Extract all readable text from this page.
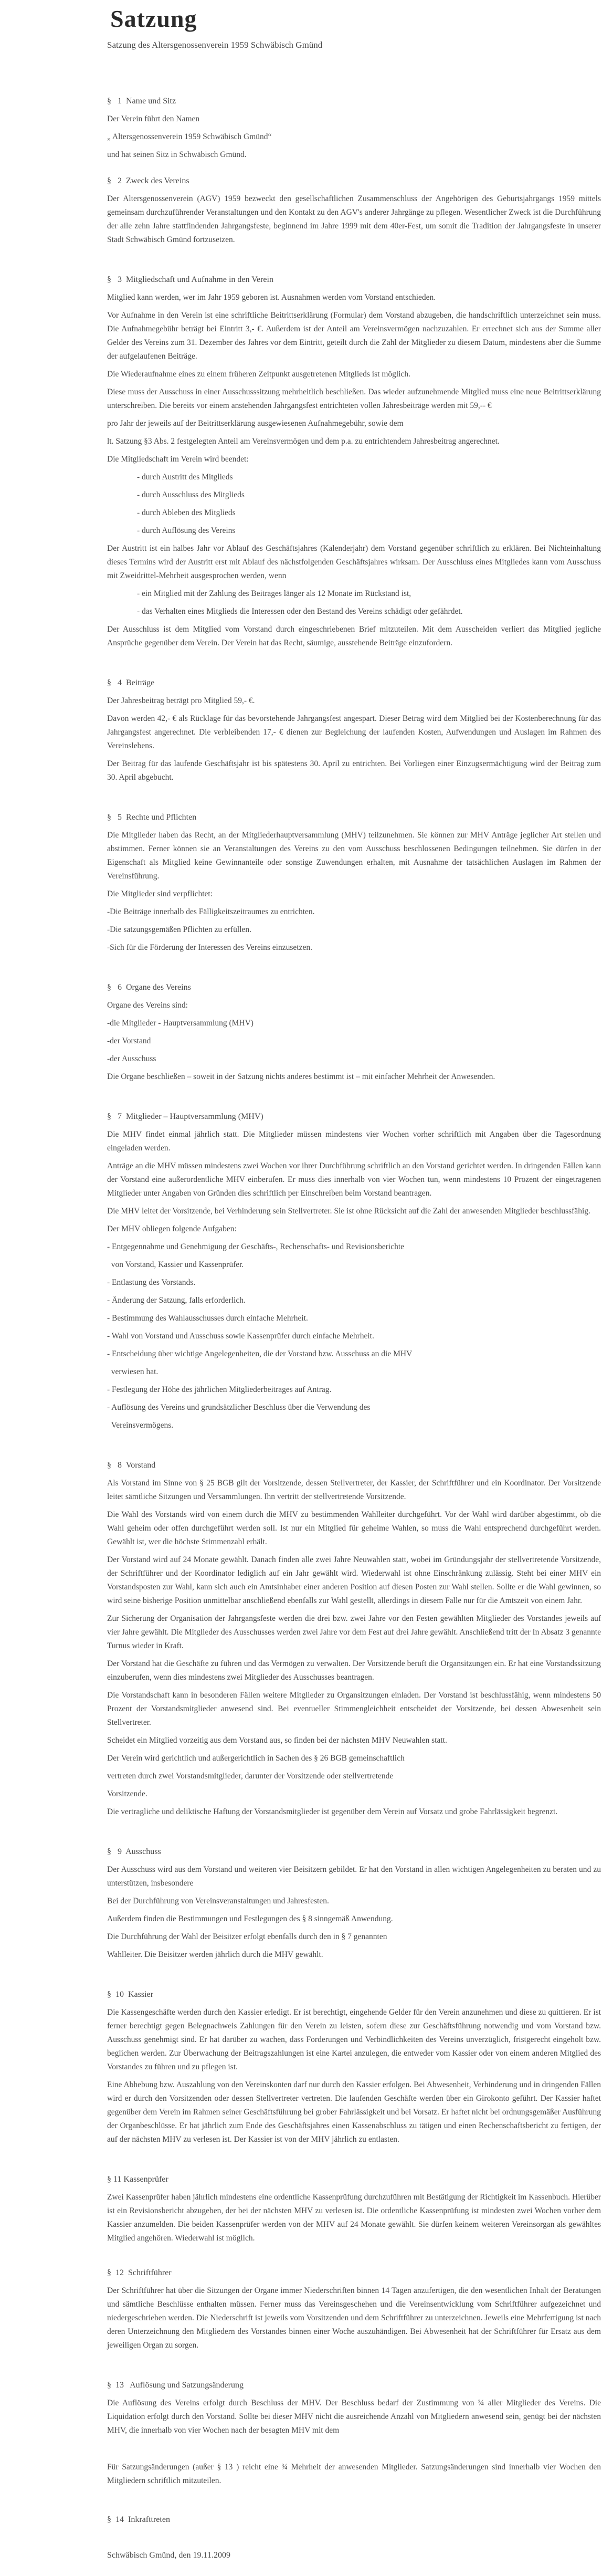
Satzung
Satzung des Altersgenossenverein 1959 Schwäbisch Gmünd
§   1  Name und Sitz

Der Verein führt den Namen

„ Altersgenossenverein 1959 Schwäbisch Gmünd“

und hat seinen Sitz in Schwäbisch Gmünd.

§   2  Zweck des Vereins

Der Altersgenossenverein (AGV) 1959 bezweckt den gesellschaftlichen Zusammenschluss der Angehörigen des Geburtsjahrgangs 1959 mittels gemeinsam durchzuführender Veranstaltungen und den Kontakt zu den AGV's anderer Jahrgänge zu pflegen. Wesentlicher Zweck ist die Durchführung der alle zehn Jahre stattfindenden Jahrgangsfeste, beginnend im Jahre 1999 mit dem 40er-Fest, um somit die Tradition der Jahrgangsfeste in unserer Stadt Schwäbisch Gmünd fortzusetzen.

§   3  Mitgliedschaft und Aufnahme in den Verein

Mitglied kann werden, wer im Jahr 1959 geboren ist. Ausnahmen werden vom Vorstand entschieden.

Vor Aufnahme in den Verein ist eine schriftliche Beitrittserklärung (Formular) dem Vorstand abzugeben, die handschriftlich unterzeichnet sein muss. Die Aufnahmegebühr beträgt bei Eintritt 3,- €. Außerdem ist der Anteil am Vereinsvermögen nachzuzahlen. Er errechnet sich aus der Summe aller Gelder des Vereins zum 31. Dezember des Jahres vor dem Eintritt, geteilt durch die Zahl der Mitglieder zu diesem Datum, mindestens aber die Summe der aufgelaufenen Beiträge.

Die Wiederaufnahme eines zu einem früheren Zeitpunkt ausgetretenen Mitglieds ist möglich.

Diese muss der Ausschuss in einer Ausschusssitzung mehrheitlich beschließen. Das wieder aufzunehmende Mitglied muss eine neue Beitrittserklärung unterschreiben. Die bereits vor einem anstehenden Jahrgangsfest entrichteten vollen Jahresbeiträge werden mit 59,-- €

pro Jahr der jeweils auf der Beitrittserklärung ausgewiesenen Aufnahmegebühr, sowie dem

lt. Satzung §3 Abs. 2 festgelegten Anteil am Vereinsvermögen und dem p.a. zu entrichtendem Jahresbeitrag angerechnet.

Die Mitgliedschaft im Verein wird beendet:

- durch Austritt des Mitglieds
- durch Ausschluss des Mitglieds
- durch Ableben des Mitglieds
- durch Auflösung des Vereins

Der Austritt ist ein halbes Jahr vor Ablauf des Geschäftsjahres (Kalenderjahr) dem Vorstand gegenüber schriftlich zu erklären. Bei Nichteinhaltung dieses Termins wird der Austritt erst mit Ablauf des nächstfolgenden Geschäftsjahres wirksam. Der Ausschluss eines Mitgliedes kann vom Ausschuss mit Zweidrittel-Mehrheit ausgesprochen werden, wenn

- ein Mitglied mit der Zahlung des Beitrages länger als 12 Monate im Rückstand ist,
- das Verhalten eines Mitglieds die Interessen oder den Bestand des Vereins schädigt oder gefährdet.

Der Ausschluss ist dem Mitglied vom Vorstand durch eingeschriebenen Brief mitzuteilen. Mit dem Ausscheiden verliert das Mitglied jegliche Ansprüche gegenüber dem Verein. Der Verein hat das Recht, säumige, ausstehende Beiträge einzufordern.

§   4  Beiträge

Der Jahresbeitrag beträgt pro Mitglied 59,- €.

Davon werden 42,- € als Rücklage für das bevorstehende Jahrgangsfest angespart. Dieser Betrag wird dem Mitglied bei der Kostenberechnung für das Jahrgangsfest angerechnet. Die verbleibenden 17,- € dienen zur Begleichung der laufenden Kosten, Aufwendungen und Auslagen im Rahmen des Vereinslebens.

Der Beitrag für das laufende Geschäftsjahr ist bis spätestens 30. April zu entrichten. Bei Vorliegen einer Einzugsermächtigung wird der Beitrag zum 30. April abgebucht.

§   5  Rechte und Pflichten

Die Mitglieder haben das Recht, an der Mitgliederhauptversammlung (MHV) teilzunehmen. Sie können zur MHV Anträge jeglicher Art stellen und abstimmen. Ferner können sie an Veranstaltungen des Vereins zu den vom Ausschuss beschlossenen Bedingungen teilnehmen. Sie dürfen in der Eigenschaft als Mitglied keine Gewinnanteile oder sonstige Zuwendungen erhalten, mit Ausnahme der tatsächlichen Auslagen im Rahmen der Vereinsführung.

Die Mitglieder sind verpflichtet:

-Die Beiträge innerhalb des Fälligkeitszeitraumes zu entrichten.
-Die satzungsgemäßen Pflichten zu erfüllen.
-Sich für die Förderung der Interessen des Vereins einzusetzen.
§   6  Organe des Vereins

Organe des Vereins sind:

-die Mitglieder - Hauptversammlung (MHV)
-der Vorstand
-der Ausschuss

Die Organe beschließen – soweit in der Satzung nichts anderes bestimmt ist – mit einfacher Mehrheit der Anwesenden.

§   7  Mitglieder – Hauptversammlung (MHV)

Die MHV findet einmal jährlich statt. Die Mitglieder müssen mindestens vier Wochen vorher schriftlich mit Angaben über die Tagesordnung eingeladen werden.

Anträge an die MHV müssen mindestens zwei Wochen vor ihrer Durchführung schriftlich an den Vorstand gerichtet werden. In dringenden Fällen kann der Vorstand eine außerordentliche MHV einberufen. Er muss dies innerhalb von vier Wochen tun, wenn mindestens 10 Prozent der eingetragenen Mitglieder unter Angaben von Gründen dies schriftlich per Einschreiben beim Vorstand beantragen.

Die MHV leitet der Vorsitzende, bei Verhinderung sein Stellvertreter. Sie ist ohne Rücksicht auf die Zahl der anwesenden Mitglieder beschlussfähig.

Der MHV obliegen folgende Aufgaben:

- Entgegennahme und Genehmigung der Geschäfts-, Rechenschafts- und Revisionsberichte
von Vorstand, Kassier und Kassenprüfer.
- Entlastung des Vorstands.
- Änderung der Satzung, falls erforderlich.
- Bestimmung des Wahlausschusses durch einfache Mehrheit.
- Wahl von Vorstand und Ausschuss sowie Kassenprüfer durch einfache Mehrheit.
- Entscheidung über wichtige Angelegenheiten, die der Vorstand bzw. Ausschuss an die MHV
verwiesen hat.
- Festlegung der Höhe des jährlichen Mitgliederbeitrages auf Antrag.
- Auflösung des Vereins und grundsätzlicher Beschluss über die Verwendung des
Vereinsvermögens.
§   8  Vorstand

Als Vorstand im Sinne von § 25 BGB gilt der Vorsitzende, dessen Stellvertreter, der Kassier, der Schriftführer und ein Koordinator. Der Vorsitzende leitet sämtliche Sitzungen und Versammlungen. Ihn vertritt der stellvertretende Vorsitzende.

Die Wahl des Vorstands wird von einem durch die MHV zu bestimmenden Wahlleiter durchgeführt. Vor der Wahl wird darüber abgestimmt, ob die Wahl geheim oder offen durchgeführt werden soll. Ist nur ein Mitglied für geheime Wahlen, so muss die Wahl entsprechend durchgeführt werden. Gewählt ist, wer die höchste Stimmenzahl erhält.

Der Vorstand wird auf 24 Monate gewählt. Danach finden alle zwei Jahre Neuwahlen statt, wobei im Gründungsjahr der stellvertretende Vorsitzende, der Schriftführer und der Koordinator lediglich auf ein Jahr gewählt wird. Wiederwahl ist ohne Einschränkung zulässig. Steht bei einer MHV ein Vorstandsposten zur Wahl, kann sich auch ein Amtsinhaber einer anderen Position auf diesen Posten zur Wahl stellen. Sollte er die Wahl gewinnen, so wird seine bisherige Position unmittelbar anschließend ebenfalls zur Wahl gestellt, allerdings in diesem Falle nur für die Amtszeit von einem Jahr.

Zur Sicherung der Organisation der Jahrgangsfeste werden die drei bzw. zwei Jahre vor den Festen gewählten Mitglieder des Vorstandes jeweils auf vier Jahre gewählt. Die Mitglieder des Ausschusses werden zwei Jahre vor dem Fest auf drei Jahre gewählt. Anschließend tritt der In Absatz 3 genannte Turnus wieder in Kraft.

Der Vorstand hat die Geschäfte zu führen und das Vermögen zu verwalten. Der Vorsitzende beruft die Organsitzungen ein. Er hat eine Vorstandssitzung einzuberufen, wenn dies mindestens zwei Mitglieder des Ausschusses beantragen.

Die Vorstandschaft kann in besonderen Fällen weitere Mitglieder zu Organsitzungen einladen. Der Vorstand ist beschlussfähig, wenn mindestens 50 Prozent der Vorstandsmitglieder anwesend sind. Bei eventueller Stimmengleichheit entscheidet der Vorsitzende, bei dessen Abwesenheit sein Stellvertreter.

Scheidet ein Mitglied vorzeitig aus dem Vorstand aus, so finden bei der nächsten MHV Neuwahlen statt.

Der Verein wird gerichtlich und außergerichtlich in Sachen des § 26 BGB gemeinschaftlich
vertreten durch zwei Vorstandsmitglieder, darunter der Vorsitzende oder stellvertretende
Vorsitzende.

Die vertragliche und deliktische Haftung der Vorstandsmitglieder ist gegenüber dem Verein auf Vorsatz und grobe Fahrlässigkeit begrenzt.

§   9  Ausschuss

Der Ausschuss wird aus dem Vorstand und weiteren vier Beisitzern gebildet. Er hat den Vorstand in allen wichtigen Angelegenheiten zu beraten und zu unterstützen, insbesondere

Bei der Durchführung von Vereinsveranstaltungen und Jahresfesten.

Außerdem finden die Bestimmungen und Festlegungen des § 8 sinngemäß Anwendung.

Die Durchführung der Wahl der Beisitzer erfolgt ebenfalls durch den in § 7 genannten
Wahlleiter. Die Beisitzer werden jährlich durch die MHV gewählt.
§  10  Kassier

Die Kassengeschäfte werden durch den Kassier erledigt. Er ist berechtigt, eingehende Gelder für den Verein anzunehmen und diese zu quittieren. Er ist ferner berechtigt gegen Belegnachweis Zahlungen für den Verein zu leisten, sofern diese zur Geschäftsführung notwendig und vom Vorstand bzw. Ausschuss genehmigt sind. Er hat darüber zu wachen, dass Forderungen und Verbindlichkeiten des Vereins unverzüglich, fristgerecht eingeholt bzw. beglichen werden. Zur Überwachung der Beitragszahlungen ist eine Kartei anzulegen, die entweder vom Kassier oder von einem anderen Mitglied des Vorstandes zu führen und zu pflegen ist.

Eine Abhebung bzw. Auszahlung von den Vereinskonten darf nur durch den Kassier erfolgen. Bei Abwesenheit, Verhinderung und in dringenden Fällen wird er durch den Vorsitzenden oder dessen Stellvertreter vertreten. Die laufenden Geschäfte werden über ein Girokonto geführt. Der Kassier haftet gegenüber dem Verein im Rahmen seiner Geschäftsführung bei grober Fahrlässigkeit und bei Vorsatz. Er haftet nicht bei ordnungsgemäßer Ausführung der Organbeschlüsse. Er hat jährlich zum Ende des Geschäftsjahres einen Kassenabschluss zu tätigen und einen Rechenschaftsbericht zu fertigen, der auf der nächsten MHV zu verlesen ist. Der Kassier ist von der MHV jährlich zu entlasten.

§ 11 Kassenprüfer

Zwei Kassenprüfer haben jährlich mindestens eine ordentliche Kassenprüfung durchzuführen mit Bestätigung der Richtigkeit im Kassenbuch. Hierüber ist ein Revisionsbericht abzugeben, der bei der nächsten MHV zu verlesen ist. Die ordentliche Kassenprüfung ist mindesten zwei Wochen vorher dem Kassier anzumelden. Die beiden Kassenprüfer werden von der MHV auf 24 Monate gewählt. Sie dürfen keinem weiteren Vereinsorgan als gewähltes Mitglied angehören. Wiederwahl ist möglich.

§  12  Schriftführer

Der Schriftführer hat über die Sitzungen der Organe immer Niederschriften binnen 14 Tagen anzufertigen, die den wesentlichen Inhalt der Beratungen und sämtliche Beschlüsse enthalten müssen. Ferner muss das Vereinsgeschehen und die Vereinsentwicklung vom Schriftführer aufgezeichnet und niedergeschrieben werden. Die Niederschrift ist jeweils vom Vorsitzenden und dem Schriftführer zu unterzeichnen. Jeweils eine Mehrfertigung ist nach deren Unterzeichnung den Mitgliedern des Vorstandes binnen einer Woche auszuhändigen. Bei Abwesenheit hat der Schriftführer für Ersatz aus dem jeweiligen Organ zu sorgen.

§  13   Auflösung und Satzungsänderung

Die Auflösung des Vereins erfolgt durch Beschluss der MHV. Der Beschluss bedarf der Zustimmung von ¾ aller Mitglieder des Vereins. Die Liquidation erfolgt durch den Vorstand. Sollte bei dieser MHV nicht die ausreichende Anzahl von Mitgliedern anwesend sein, genügt bei der nächsten MHV, die innerhalb von vier Wochen nach der besagten MHV mit dem

Für Satzungsänderungen (außer § 13 ) reicht eine ¾ Mehrheit der anwesenden Mitglieder. Satzungsänderungen sind innerhalb vier Wochen den Mitgliedern schriftlich mitzuteilen.

§  14  Inkrafttreten
Schwäbisch Gmünd, den 19.11.2009
